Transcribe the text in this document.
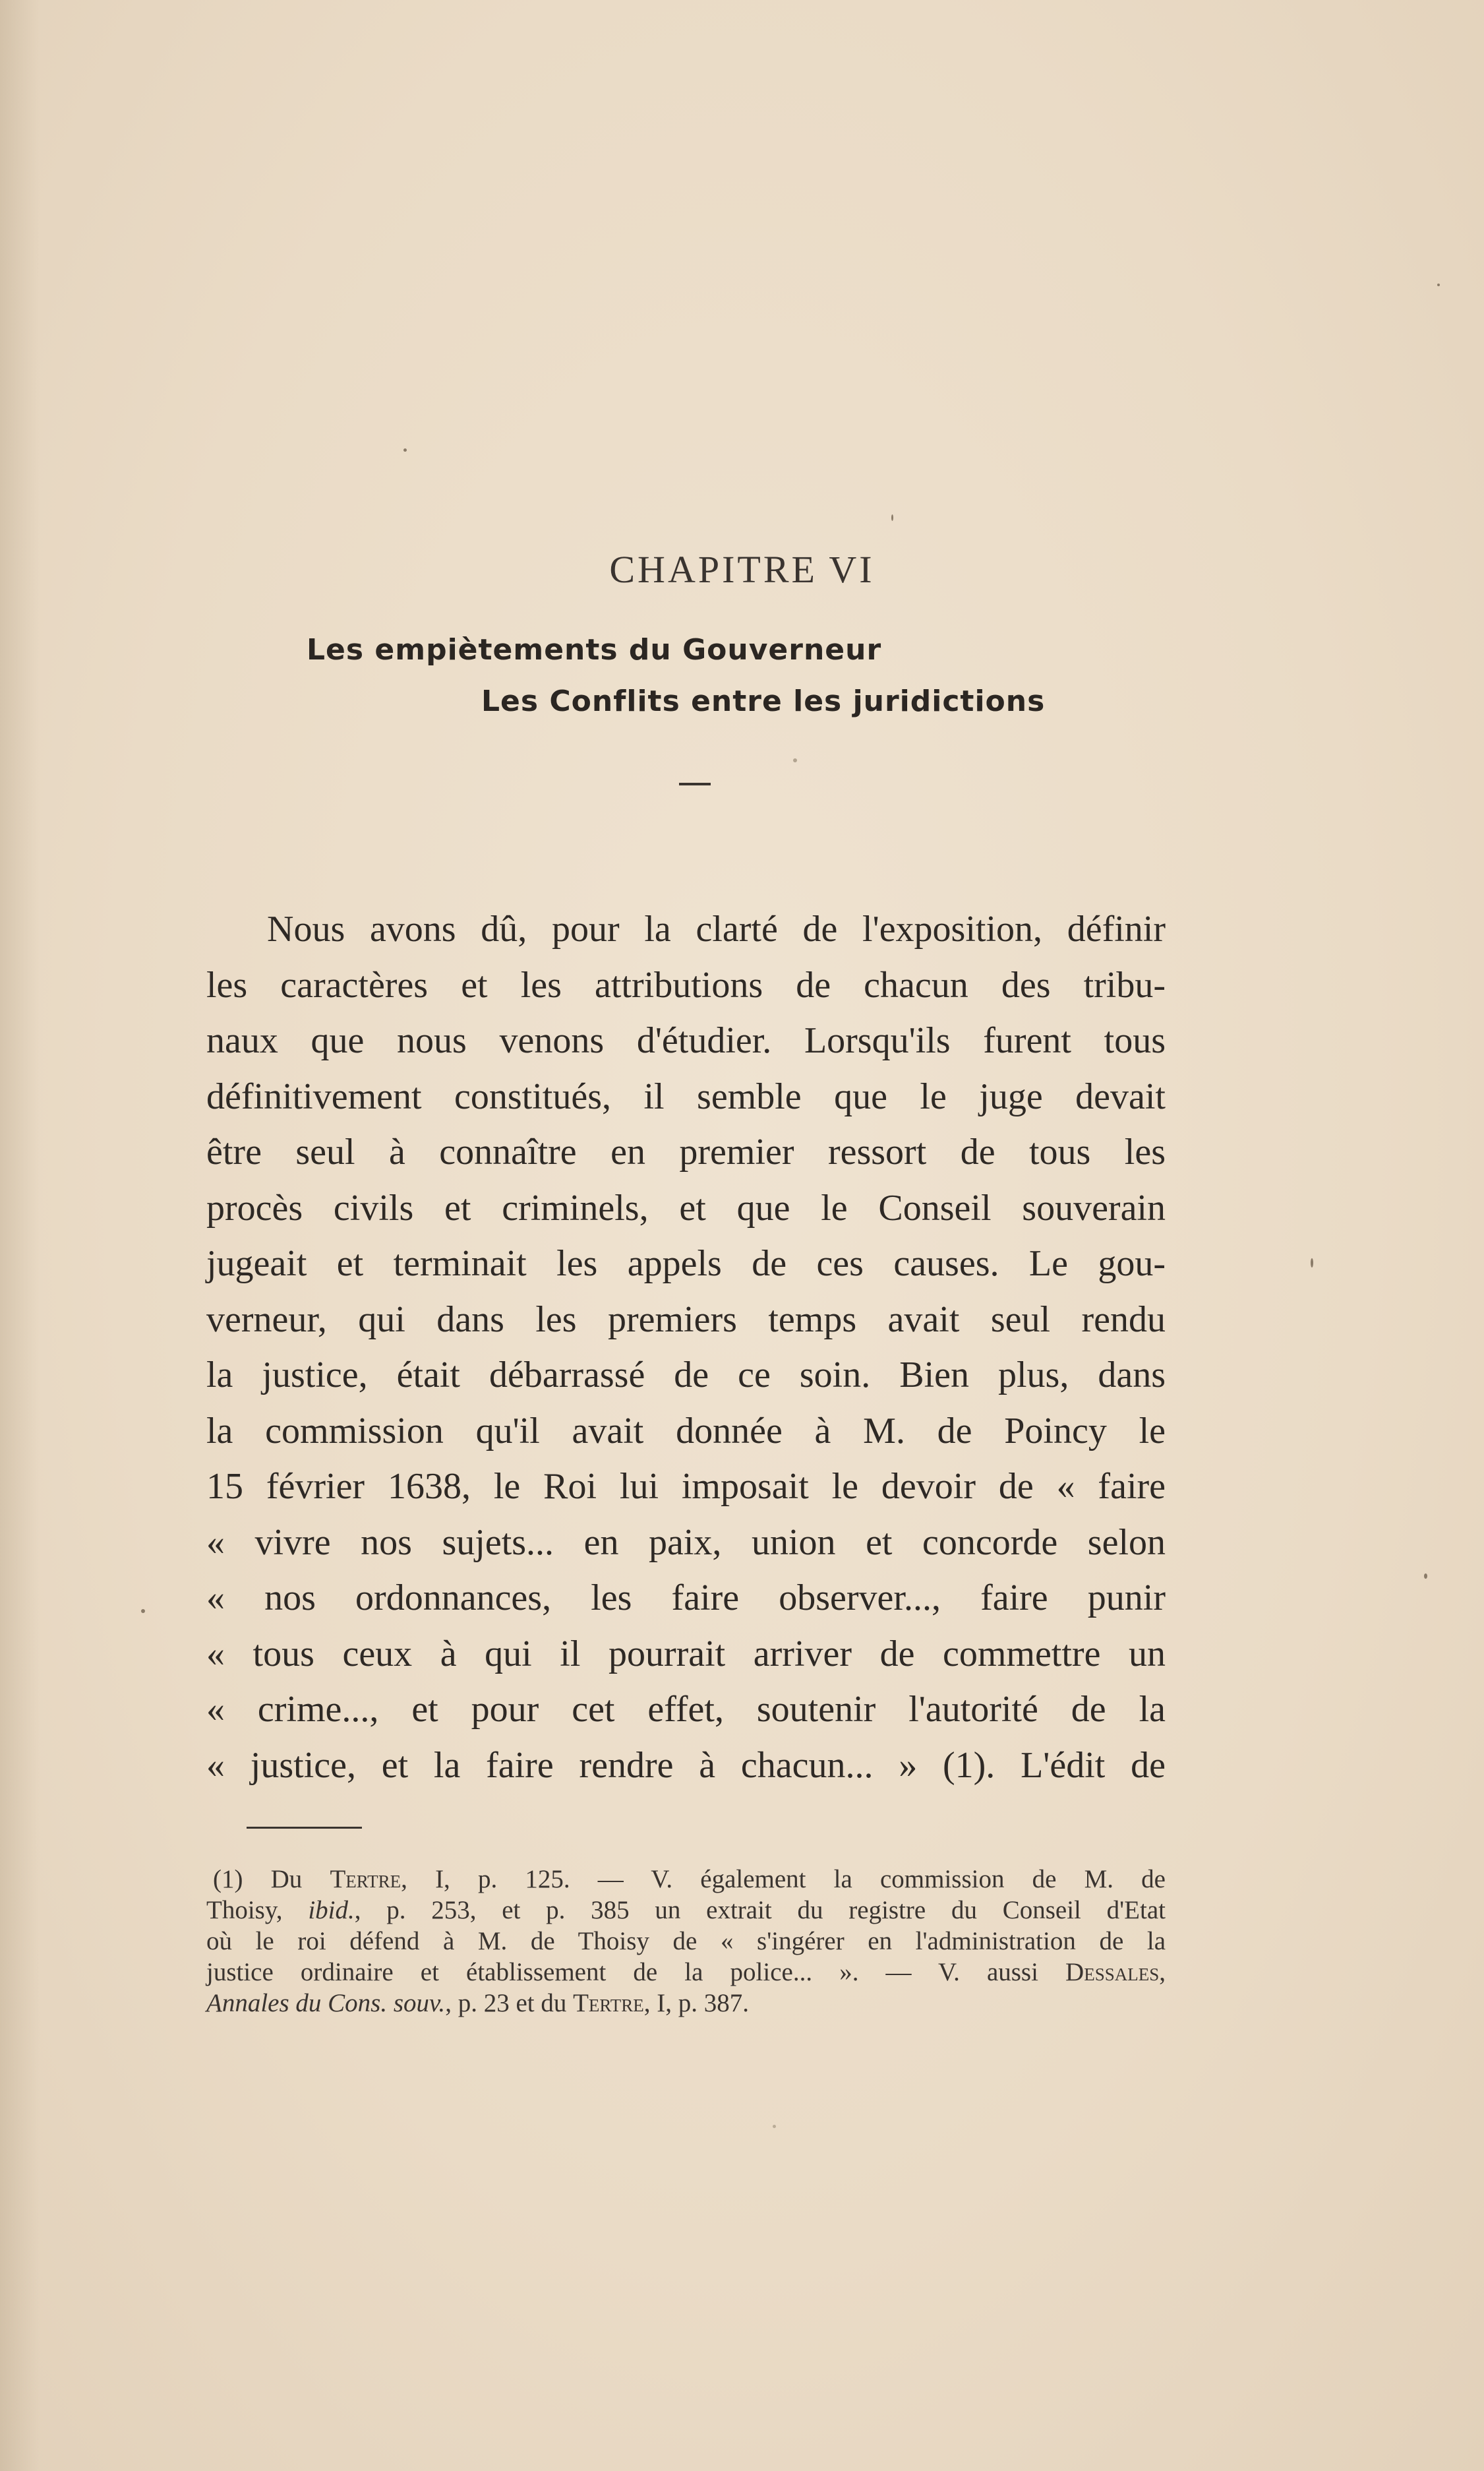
CHAPITRE VI
Les empiètements du Gouverneur
Les Conflits entre les juridictions
Nous avons dû, pour la clarté de l'exposition, définir
les caractères et les attributions de chacun des tribu-
naux que nous venons d'étudier. Lorsqu'ils furent tous
définitivement constitués, il semble que le juge devait
être seul à connaître en premier ressort de tous les
procès civils et criminels, et que le Conseil souverain
jugeait et terminait les appels de ces causes. Le gou-
verneur, qui dans les premiers temps avait seul rendu
la justice, était débarrassé de ce soin. Bien plus, dans
la commission qu'il avait donnée à M. de Poincy le
15 février 1638, le Roi lui imposait le devoir de « faire
« vivre nos sujets... en paix, union et concorde selon
« nos ordonnances, les faire observer..., faire punir
« tous ceux à qui il pourrait arriver de commettre un
« crime..., et pour cet effet, soutenir l'autorité de la
« justice, et la faire rendre à chacun... » (1). L'édit de
(1) Du Tertre, I, p. 125. — V. également la commission de M. de
Thoisy, ibid., p. 253, et p. 385 un extrait du registre du Conseil d'Etat
où le roi défend à M. de Thoisy de « s'ingérer en l'administration de la
justice ordinaire et établissement de la police... ». — V. aussi Dessales,
Annales du Cons. souv., p. 23 et du Tertre, I, p. 387.
